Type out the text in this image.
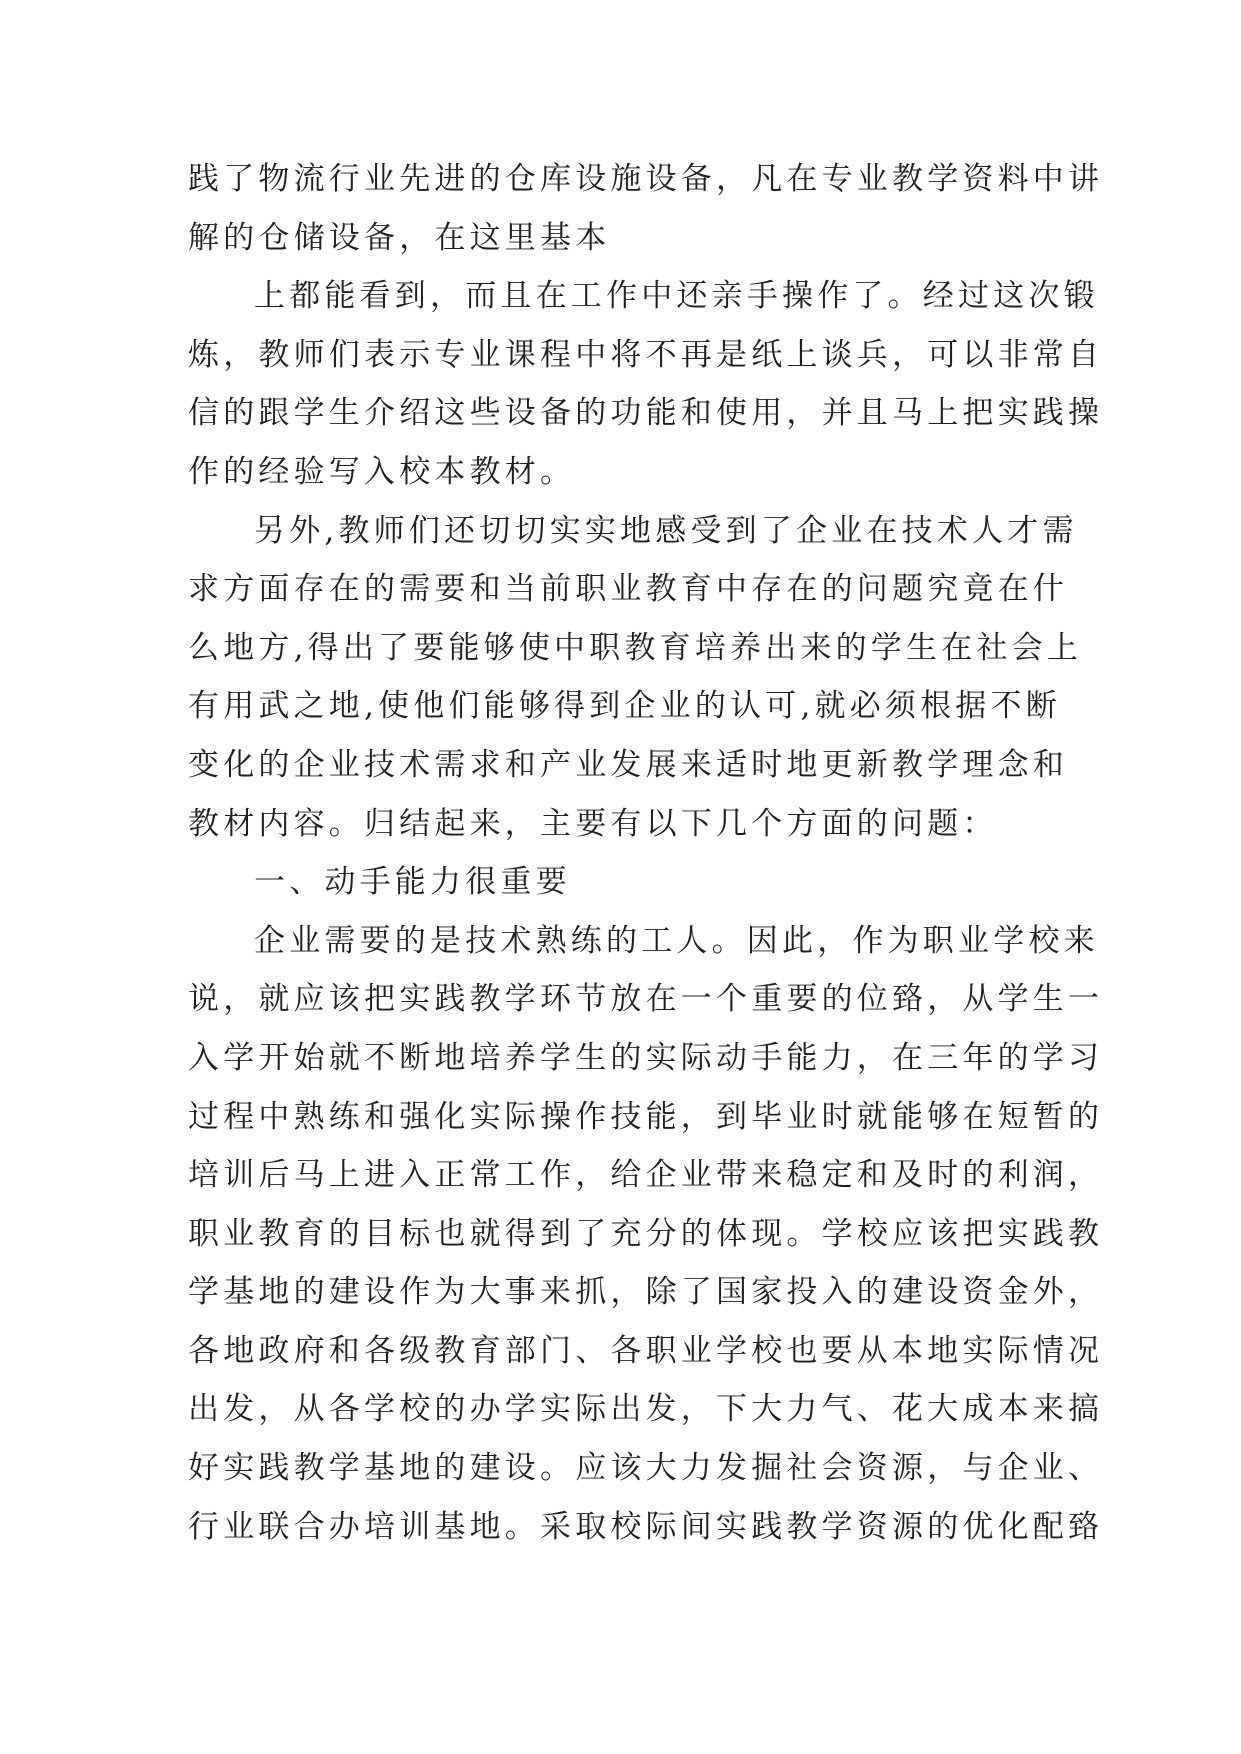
践了物流行业先进的仓库设施设备，凡在专业教学资料中讲
解的仓储设备，在这里基本
上都能看到，而且在工作中还亲手操作了。经过这次锻
炼，教师们表示专业课程中将不再是纸上谈兵，可以非常自
信的跟学生介绍这些设备的功能和使用，并且马上把实践操
作的经验写入校本教材。
另外,教师们还切切实实地感受到了企业在技术人才需
求方面存在的需要和当前职业教育中存在的问题究竟在什
么地方,得出了要能够使中职教育培养出来的学生在社会上
有用武之地,使他们能够得到企业的认可,就必须根据不断
变化的企业技术需求和产业发展来适时地更新教学理念和
教材内容。归结起来，主要有以下几个方面的问题：
一、动手能力很重要
企业需要的是技术熟练的工人。因此，作为职业学校来
说，就应该把实践教学环节放在一个重要的位臵，从学生一
入学开始就不断地培养学生的实际动手能力，在三年的学习
过程中熟练和强化实际操作技能，到毕业时就能够在短暂的
培训后马上进入正常工作，给企业带来稳定和及时的利润，
职业教育的目标也就得到了充分的体现。学校应该把实践教
学基地的建设作为大事来抓，除了国家投入的建设资金外，
各地政府和各级教育部门、各职业学校也要从本地实际情况
出发，从各学校的办学实际出发，下大力气、花大成本来搞
好实践教学基地的建设。应该大力发掘社会资源，与企业、
行业联合办培训基地。采取校际间实践教学资源的优化配臵
